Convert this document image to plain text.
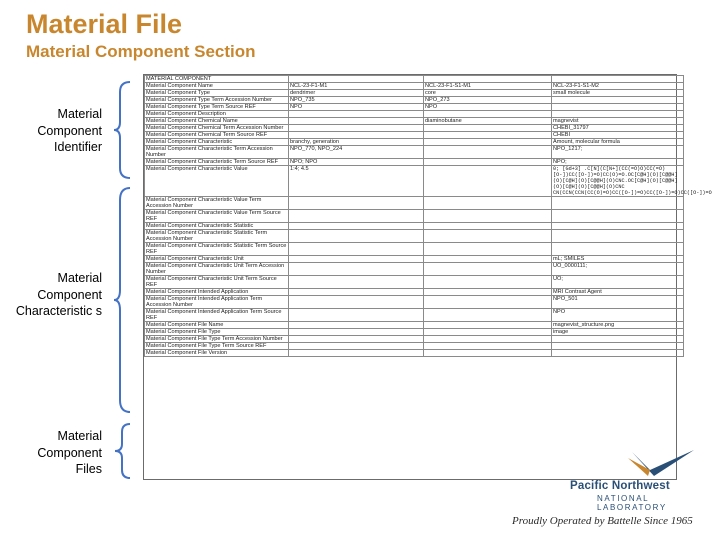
Material File
Material Component Section
Material Component Identifier
Material Component Characteristic s
Material Component Files
MATERIAL COMPONENT			
Material Component Name	NCL-23-F1-M1	NCL-23-F1-S1-M1	NCL-23-F1-S1-M2
Material Component Type	dendrimer	core	small molecule
Material Component Type Term Accession Number	NPO_735	NPO_273	
Material Component Type Term Source REF	NPO	NPO	
Material Component Description			
Material Component Chemical Name		diaminobutane	magnevist
Material Component Chemical Term Accession Number			CHEBI_31797
Material Component Chemical Term Source REF			CHEBI
Material Component Characteristic	branchy, generation		Amount, molecular formula
Material Component Characteristic Term Accession Number	NPO_770, NPO_224		NPO_1217;
Material Component Characteristic Term Source REF	NPO; NPO		NPO;
Material Component Characteristic Value	1:4; 4.5		0; [Gd+3] .C[N](C[N+](CC(=O)O)CC(=O)[O-])CC([O-])=O)CC(O)=O.OC[C@H](O)[C@@H](O)[C@H](O)[C@@H](O)CNC.OC[C@H](O)[C@@H](O)[C@H](O)[C@@H](O)CNC CN(CCN(CCN(CC(O)=O)CC([O-])=O)CC([O-])=O)CC([O-])=O
Material Component Characteristic Value Term Accession Number			
Material Component Characteristic Value Term Source REF			
Material Component Characteristic Statistic			
Material Component Characteristic Statistic Term Accession Number			
Material Component Characteristic Statistic Term Source REF			
Material Component Characteristic Unit			mL; SMILES
Material Component Characteristic Unit Term Accession Number			UO_0000111;
Material Component Characteristic Unit Term Source REF			UO;
Material Component Intended Application			MRI Contrast Agent
Material Component Intended Application Term Accession Number			NPO_501
Material Component Intended Application Term Source REF			NPO
Material Component File Name			magnevist_structure.png
Material Component File Type			image
Material Component File Type Term Accession Number			
Material Component File Type Term Source REF			
Material Component File Version			
Pacific Northwest
NATIONAL LABORATORY
Proudly Operated by Battelle Since 1965
